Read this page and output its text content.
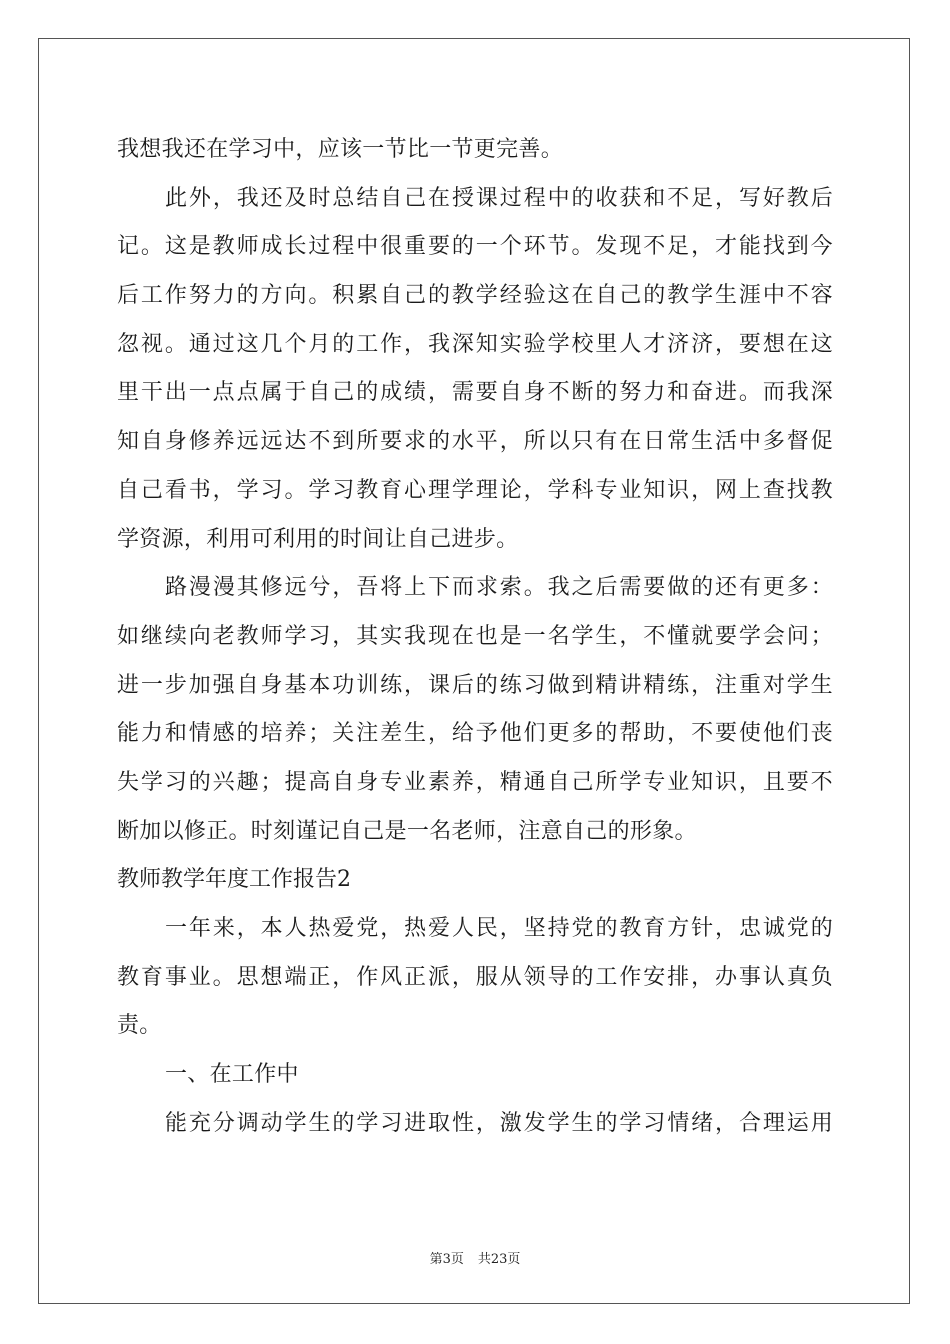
我想我还在学习中，应该一节比一节更完善。
此外，我还及时总结自己在授课过程中的收获和不足，写好教后
记。这是教师成长过程中很重要的一个环节。发现不足，才能找到今
后工作努力的方向。积累自己的教学经验这在自己的教学生涯中不容
忽视。通过这几个月的工作，我深知实验学校里人才济济，要想在这
里干出一点点属于自己的成绩，需要自身不断的努力和奋进。而我深
知自身修养远远达不到所要求的水平，所以只有在日常生活中多督促
自己看书，学习。学习教育心理学理论，学科专业知识，网上查找教
学资源，利用可利用的时间让自己进步。
路漫漫其修远兮，吾将上下而求索。我之后需要做的还有更多：
如继续向老教师学习，其实我现在也是一名学生，不懂就要学会问；
进一步加强自身基本功训练，课后的练习做到精讲精练，注重对学生
能力和情感的培养；关注差生，给予他们更多的帮助，不要使他们丧
失学习的兴趣；提高自身专业素养，精通自己所学专业知识，且要不
断加以修正。时刻谨记自己是一名老师，注意自己的形象。
教师教学年度工作报告2
一年来，本人热爱党，热爱人民，坚持党的教育方针，忠诚党的
教育事业。思想端正，作风正派，服从领导的工作安排，办事认真负
责。
一、在工作中
能充分调动学生的学习进取性，激发学生的学习情绪，合理运用
第3页 共23页
